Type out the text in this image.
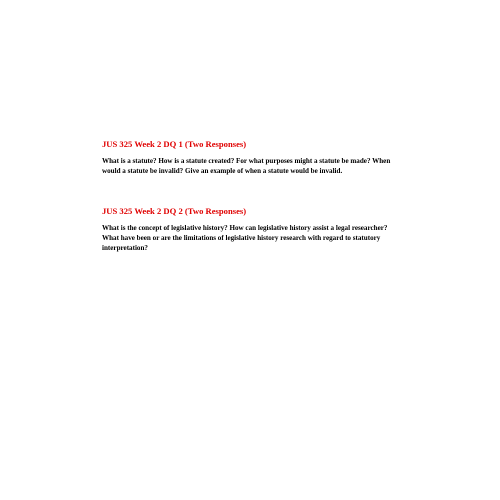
JUS 325 Week 2 DQ 1 (Two Responses)

What is a statute? How is a statute created? For what purposes might a statute be made? When would a statute be invalid? Give an example of when a statute would be invalid.

JUS 325 Week 2 DQ 2 (Two Responses)

What is the concept of legislative history? How can legislative history assist a legal researcher? What have been or are the limitations of legislative history research with regard to statutory interpretation?
